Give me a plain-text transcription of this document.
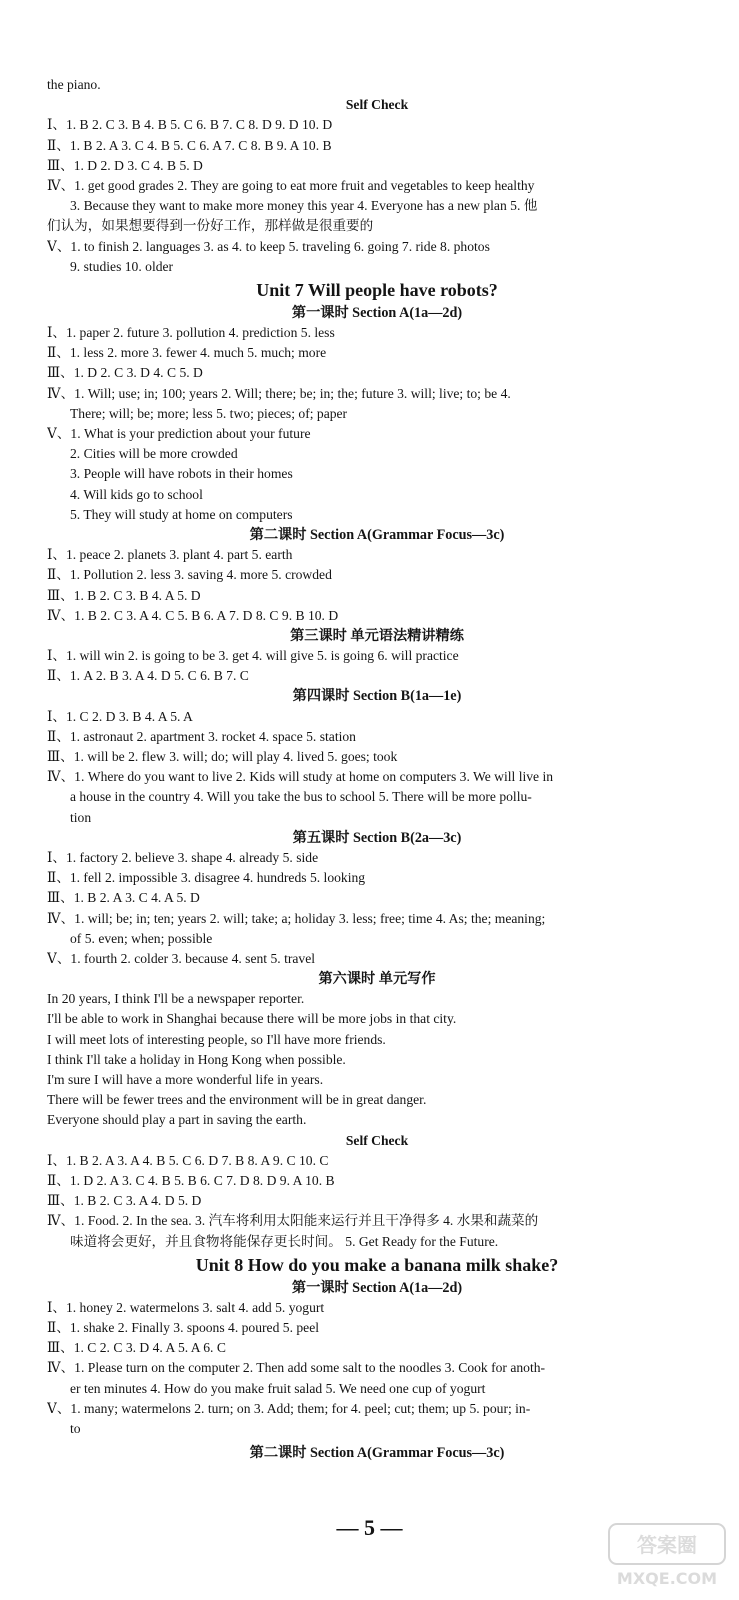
the piano.
Self Check
Ⅰ、1. B 2. C 3. B 4. B 5. C 6. B 7. C 8. D 9. D 10. D
Ⅱ、1. B 2. A 3. C 4. B 5. C 6. A 7. C 8. B 9. A 10. B
Ⅲ、1. D 2. D 3. C 4. B 5. D
Ⅳ、1. get good grades 2. They are going to eat more fruit and vegetables to keep healthy
3. Because they want to make more money this year 4. Everyone has a new plan 5. 他
们认为，如果想要得到一份好工作，那样做是很重要的
Ⅴ、1. to finish 2. languages 3. as 4. to keep 5. traveling 6. going 7. ride 8. photos
9. studies 10. older
Unit 7 Will people have robots?
第一课时 Section A(1a—2d)
Ⅰ、1. paper 2. future 3. pollution 4. prediction 5. less
Ⅱ、1. less 2. more 3. fewer 4. much 5. much; more
Ⅲ、1. D 2. C 3. D 4. C 5. D
Ⅳ、1. Will; use; in; 100; years 2. Will; there; be; in; the; future 3. will; live; to; be 4.
There; will; be; more; less 5. two; pieces; of; paper
Ⅴ、1. What is your prediction about your future
2. Cities will be more crowded
3. People will have robots in their homes
4. Will kids go to school
5. They will study at home on computers
第二课时 Section A(Grammar Focus—3c)
Ⅰ、1. peace 2. planets 3. plant 4. part 5. earth
Ⅱ、1. Pollution 2. less 3. saving 4. more 5. crowded
Ⅲ、1. B 2. C 3. B 4. A 5. D
Ⅳ、1. B 2. C 3. A 4. C 5. B 6. A 7. D 8. C 9. B 10. D
第三课时 单元语法精讲精练
Ⅰ、1. will win 2. is going to be 3. get 4. will give 5. is going 6. will practice
Ⅱ、1. A 2. B 3. A 4. D 5. C 6. B 7. C
第四课时 Section B(1a—1e)
Ⅰ、1. C 2. D 3. B 4. A 5. A
Ⅱ、1. astronaut 2. apartment 3. rocket 4. space 5. station
Ⅲ、1. will be 2. flew 3. will; do; will play 4. lived 5. goes; took
Ⅳ、1. Where do you want to live 2. Kids will study at home on computers 3. We will live in
a house in the country 4. Will you take the bus to school 5. There will be more pollu-
tion
第五课时 Section B(2a—3c)
Ⅰ、1. factory 2. believe 3. shape 4. already 5. side
Ⅱ、1. fell 2. impossible 3. disagree 4. hundreds 5. looking
Ⅲ、1. B 2. A 3. C 4. A 5. D
Ⅳ、1. will; be; in; ten; years 2. will; take; a; holiday 3. less; free; time 4. As; the; meaning;
of 5. even; when; possible
Ⅴ、1. fourth 2. colder 3. because 4. sent 5. travel
第六课时 单元写作
In 20 years, I think I'll be a newspaper reporter.
I'll be able to work in Shanghai because there will be more jobs in that city.
I will meet lots of interesting people, so I'll have more friends.
I think I'll take a holiday in Hong Kong when possible.
I'm sure I will have a more wonderful life in years.
There will be fewer trees and the environment will be in great danger.
Everyone should play a part in saving the earth.
Self Check
Ⅰ、1. B 2. A 3. A 4. B 5. C 6. D 7. B 8. A 9. C 10. C
Ⅱ、1. D 2. A 3. C 4. B 5. B 6. C 7. D 8. D 9. A 10. B
Ⅲ、1. B 2. C 3. A 4. D 5. D
Ⅳ、1. Food. 2. In the sea. 3. 汽车将利用太阳能来运行并且干净得多 4. 水果和蔬菜的
味道将会更好，并且食物将能保存更长时间。 5. Get Ready for the Future.
Unit 8 How do you make a banana milk shake?
第一课时 Section A(1a—2d)
Ⅰ、1. honey 2. watermelons 3. salt 4. add 5. yogurt
Ⅱ、1. shake 2. Finally 3. spoons 4. poured 5. peel
Ⅲ、1. C 2. C 3. D 4. A 5. A 6. C
Ⅳ、1. Please turn on the computer 2. Then add some salt to the noodles 3. Cook for anoth-
er ten minutes 4. How do you make fruit salad 5. We need one cup of yogurt
Ⅴ、1. many; watermelons 2. turn; on 3. Add; them; for 4. peel; cut; them; up 5. pour; in-
to
第二课时 Section A(Grammar Focus—3c)
— 5 —
答案圈
MXQE.COM
